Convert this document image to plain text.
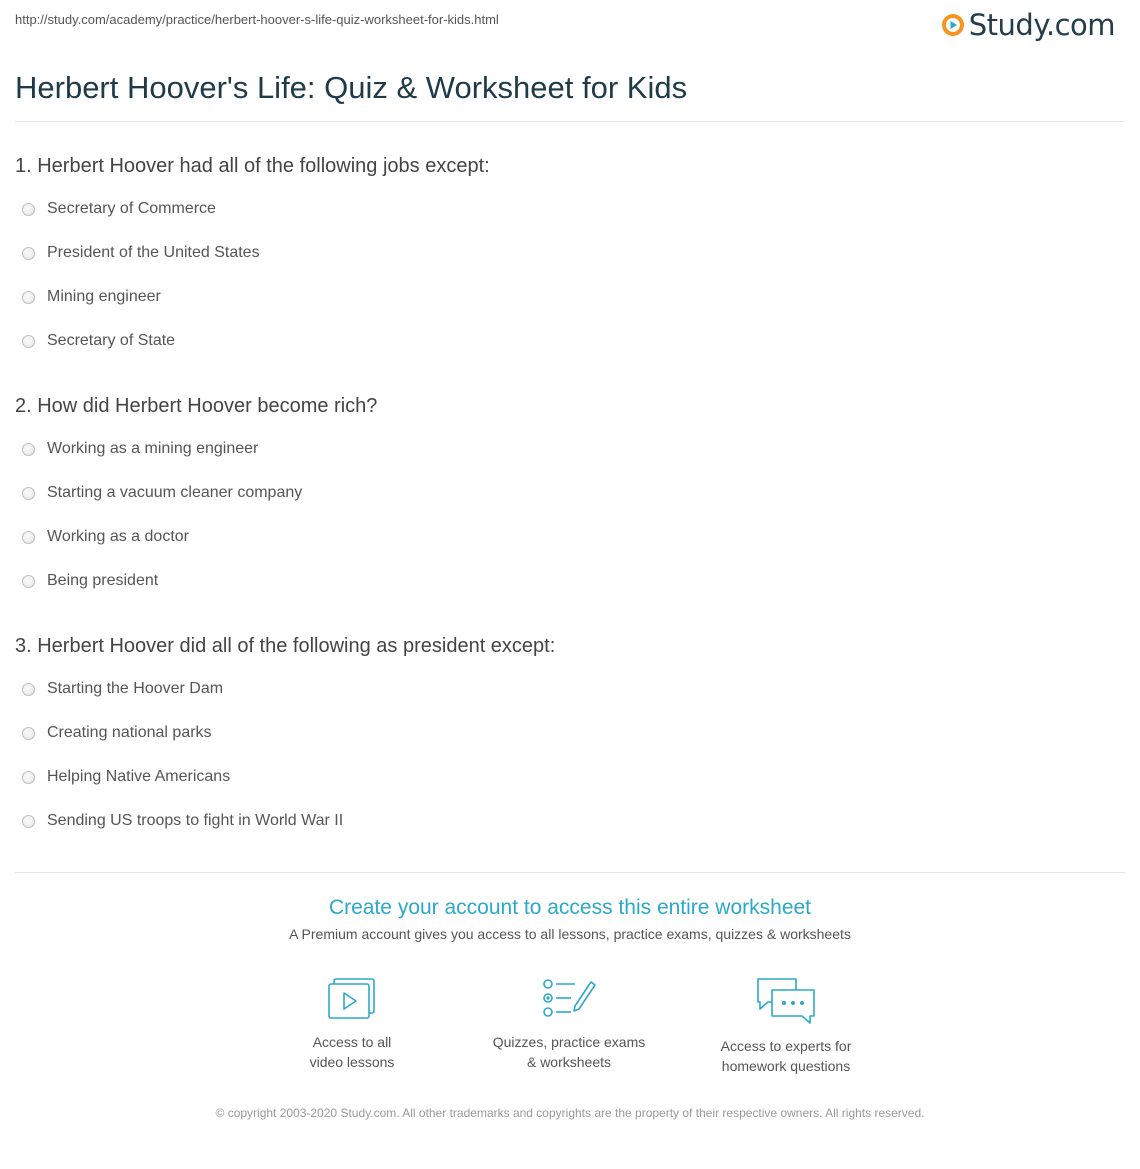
http://study.com/academy/practice/herbert-hoover-s-life-quiz-worksheet-for-kids.html	Study.com
Herbert Hoover's Life: Quiz & Worksheet for Kids
1. Herbert Hoover had all of the following jobs except:
Secretary of Commerce
President of the United States
Mining engineer
Secretary of State
2. How did Herbert Hoover become rich?
Working as a mining engineer
Starting a vacuum cleaner company
Working as a doctor
Being president
3. Herbert Hoover did all of the following as president except:
Starting the Hoover Dam
Creating national parks
Helping Native Americans
Sending US troops to fight in World War II
Create your account to access this entire worksheet
A Premium account gives you access to all lessons, practice exams, quizzes & worksheets
Access to all
video lessons
Quizzes, practice exams
& worksheets
Access to experts for
homework questions
© copyright 2003-2020 Study.com. All other trademarks and copyrights are the property of their respective owners. All rights reserved.
